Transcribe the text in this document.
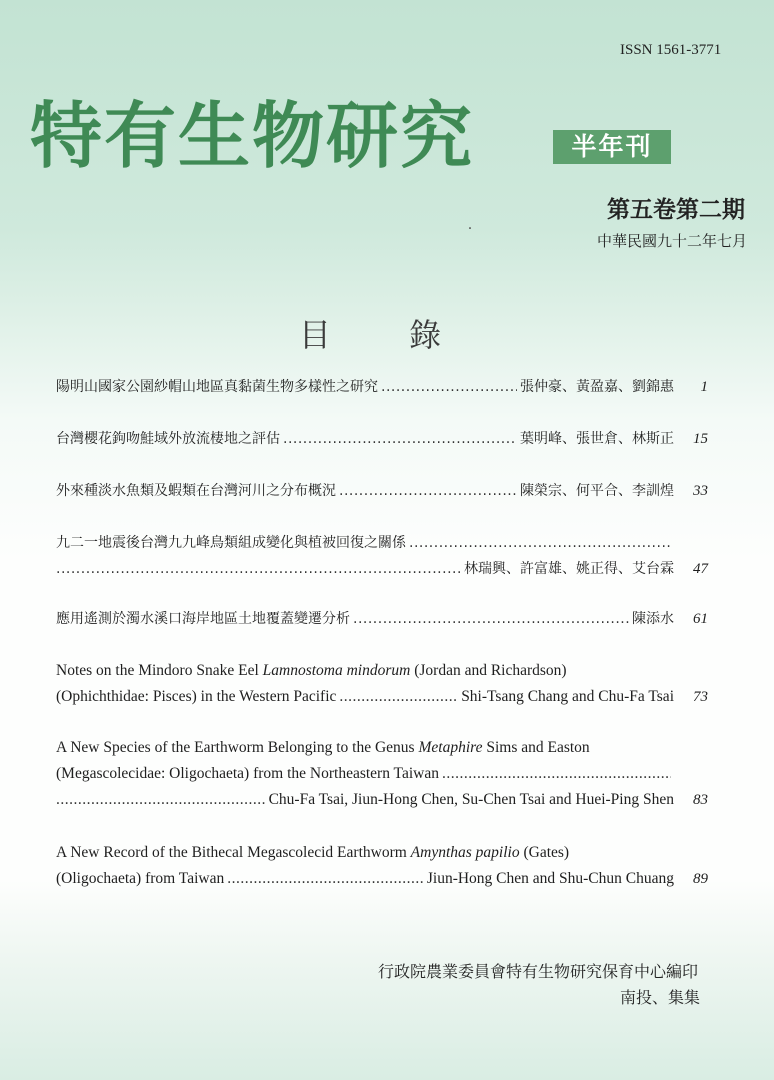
ISSN 1561-3771
特有生物研究	半年刊
第五卷第二期
中華民國九十二年七月
・
目 錄
陽明山國家公園紗帽山地區真黏菌生物多樣性之研究 .....	張仲豪、黃盈嘉、劉錦惠	1
台灣櫻花鉤吻鮭域外放流棲地之評估 .....	葉明峰、張世倉、林斯正	15
外來種淡水魚類及蝦類在台灣河川之分布概況 .....	陳榮宗、何平合、李訓煌	33
九二一地震後台灣九九峰鳥類組成變化與植被回復之關係
.....
.....
林瑞興、許富雄、姚正得、艾台霖	47
應用遙測於濁水溪口海岸地區土地覆蓋變遷分析 .....	陳添水	61
Notes on the Mindoro Snake Eel Lamnostoma mindorum (Jordan and Richardson)
(Ophichthidae: Pisces) in the Western Pacific .....	Shi-Tsang Chang and Chu-Fa Tsai	73
A New Species of the Earthworm Belonging to the Genus Metaphire Sims and Easton
(Megascolecidae: Oligochaeta) from the Northeastern Taiwan
.....
.....
Chu-Fa Tsai, Jiun-Hong Chen, Su-Chen Tsai and Huei-Ping Shen	83
A New Record of the Bithecal Megascolecid Earthworm Amynthas papilio (Gates)
(Oligochaeta) from Taiwan .....	Jiun-Hong Chen and Shu-Chun Chuang	89
行政院農業委員會特有生物研究保育中心編印
南投、集集
